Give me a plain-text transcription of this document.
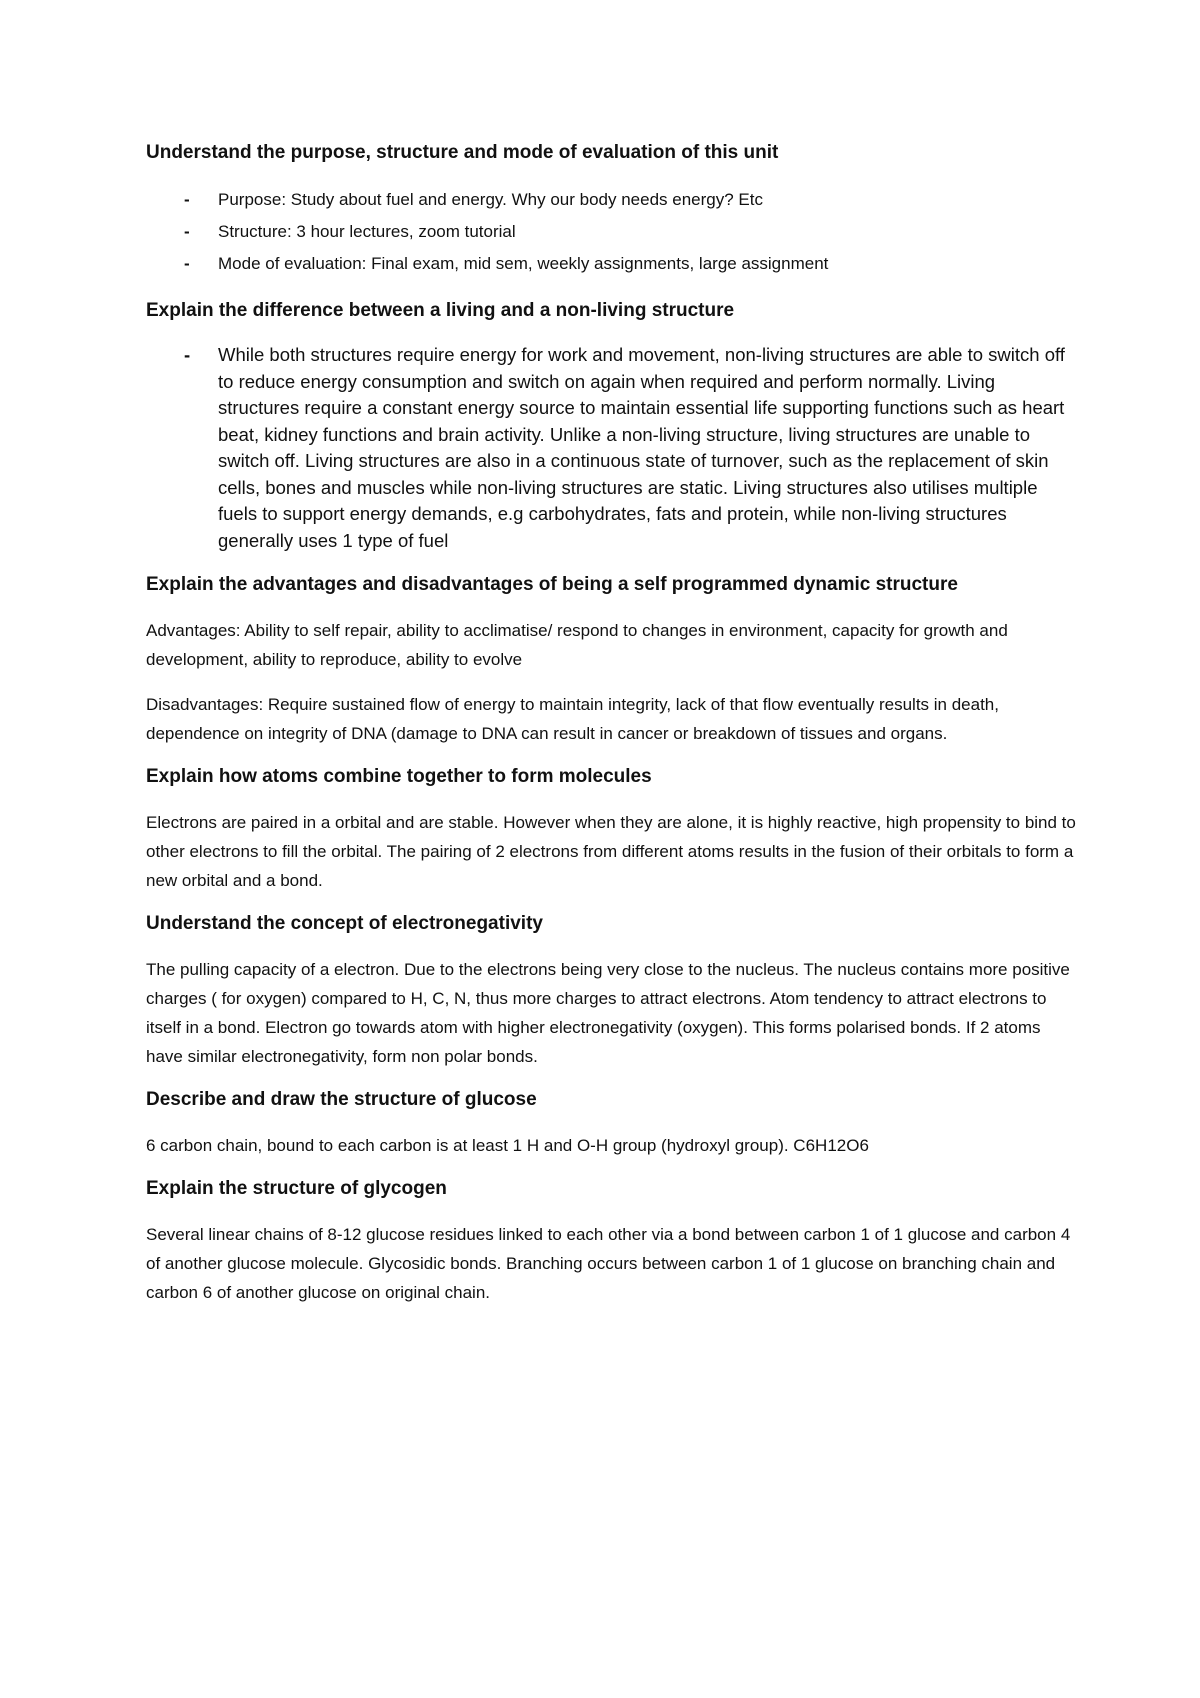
Understand the purpose, structure and mode of evaluation of this unit
- Purpose: Study about fuel and energy. Why our body needs energy? Etc
- Structure: 3 hour lectures, zoom tutorial
- Mode of evaluation: Final exam, mid sem, weekly assignments, large assignment
Explain the difference between a living and a non-living structure
- While both structures require energy for work and movement, non-living structures are able to switch off to reduce energy consumption and switch on again when required and perform normally. Living structures require a constant energy source to maintain essential life supporting functions such as heart beat, kidney functions and brain activity. Unlike a non-living structure, living structures are unable to switch off. Living structures are also in a continuous state of turnover, such as the replacement of skin cells, bones and muscles while non-living structures are static. Living structures also utilises multiple fuels to support energy demands, e.g carbohydrates, fats and protein, while non-living structures generally uses 1 type of fuel
Explain the advantages and disadvantages of being a self programmed dynamic structure

Advantages: Ability to self repair, ability to acclimatise/ respond to changes in environment, capacity for growth and development, ability to reproduce, ability to evolve

Disadvantages: Require sustained flow of energy to maintain integrity, lack of that flow eventually results in death, dependence on integrity of DNA (damage to DNA can result in cancer or breakdown of tissues and organs.

Explain how atoms combine together to form molecules

Electrons are paired in a orbital and are stable. However when they are alone, it is highly reactive, high propensity to bind to other electrons to fill the orbital. The pairing of 2 electrons from different atoms results in the fusion of their orbitals to form a new orbital and a bond.

Understand the concept of electronegativity

The pulling capacity of a electron. Due to the electrons being very close to the nucleus. The nucleus contains more positive charges ( for oxygen) compared to H, C, N, thus more charges to attract electrons. Atom tendency to attract electrons to itself in a bond. Electron go towards atom with higher electronegativity (oxygen). This forms polarised bonds. If 2 atoms have similar electronegativity, form non polar bonds.

Describe and draw the structure of glucose

6 carbon chain, bound to each carbon is at least 1 H and O-H group (hydroxyl group). C6H12O6

Explain the structure of glycogen

Several linear chains of 8-12 glucose residues linked to each other via a bond between carbon 1 of 1 glucose and carbon 4 of another glucose molecule. Glycosidic bonds. Branching occurs between carbon 1 of 1 glucose on branching chain and carbon 6 of another glucose on original chain.
